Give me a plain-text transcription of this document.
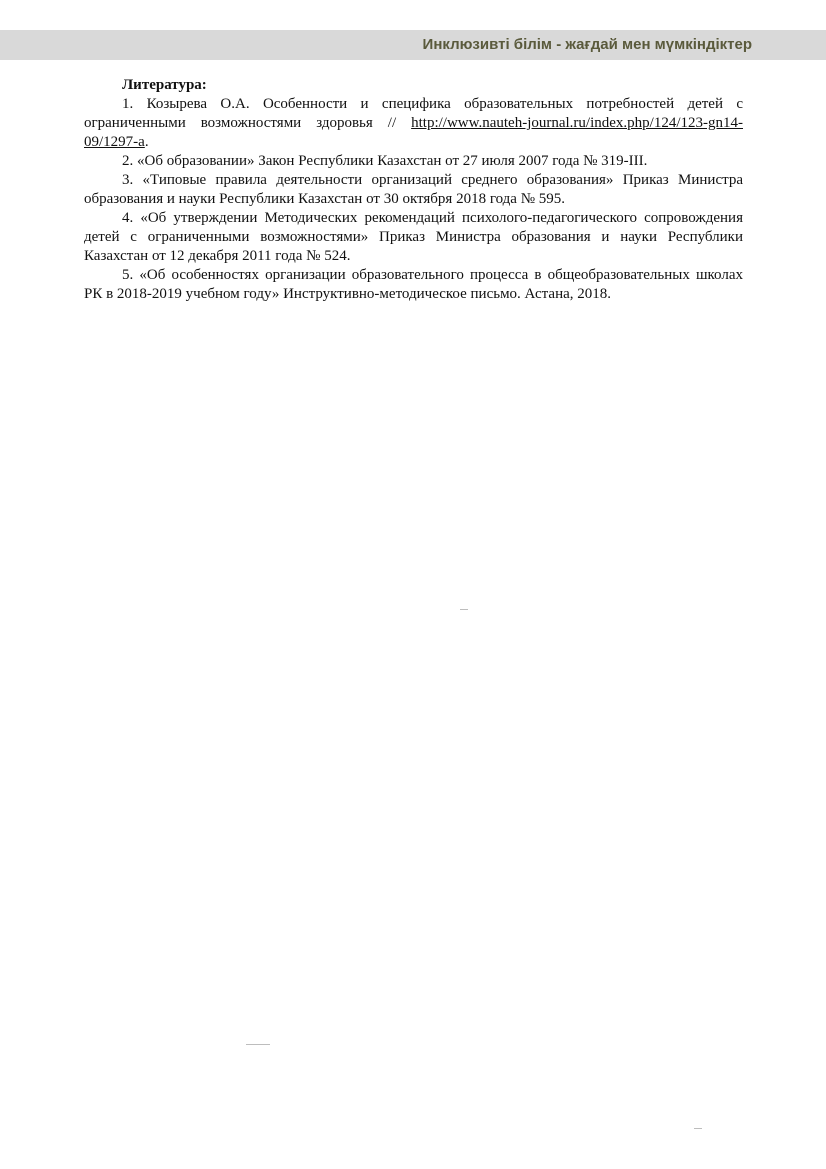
Инклюзивті білім - жағдай мен мүмкіндіктер

Литература:

1. Козырева О.А. Особенности и специфика образовательных потребностей детей с ограниченными возможностями здоровья // http://www.nauteh-journal.ru/index.php/124/123-gn14-09/1297-a.

2. «Об образовании» Закон Республики Казахстан от 27 июля 2007 года № 319-III.

3. «Типовые правила деятельности организаций среднего образования» Приказ Министра образования и науки Республики Казахстан от 30 октября 2018 года № 595.

4. «Об утверждении Методических рекомендаций психолого-педагогического сопровождения детей с ограниченными возможностями» Приказ Министра образования и науки Республики Казахстан от 12 декабря 2011 года № 524.

5. «Об особенностях организации образовательного процесса в общеобразовательных школах РК в 2018-2019 учебном году» Инструктивно-методическое письмо. Астана, 2018.
